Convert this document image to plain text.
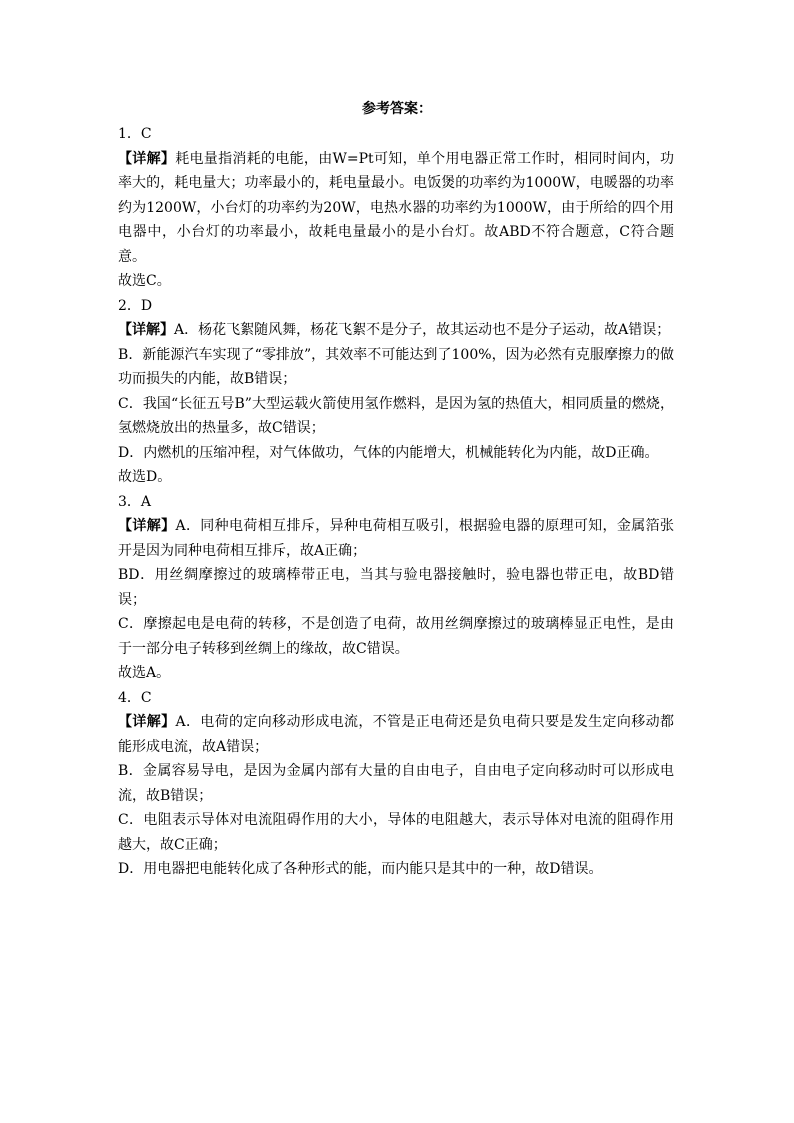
参考答案：

1．C

【详解】耗电量指消耗的电能，由W=Pt可知，单个用电器正常工作时，相同时间内，功率大的，耗电量大；功率最小的，耗电量最小。电饭煲的功率约为1000W，电暖器的功率约为1200W，小台灯的功率约为20W，电热水器的功率约为1000W，由于所给的四个用电器中，小台灯的功率最小，故耗电量最小的是小台灯。故ABD不符合题意，C符合题意。

故选C。

2．D

【详解】A．杨花飞絮随风舞，杨花飞絮不是分子，故其运动也不是分子运动，故A错误；

B．新能源汽车实现了“零排放”，其效率不可能达到了100%，因为必然有克服摩擦力的做功而损失的内能，故B错误；

C．我国“长征五号B”大型运载火箭使用氢作燃料，是因为氢的热值大，相同质量的燃烧，氢燃烧放出的热量多，故C错误；

D．内燃机的压缩冲程，对气体做功，气体的内能增大，机械能转化为内能，故D正确。

故选D。

3．A

【详解】A．同种电荷相互排斥，异种电荷相互吸引，根据验电器的原理可知，金属箔张开是因为同种电荷相互排斥，故A正确；

BD．用丝绸摩擦过的玻璃棒带正电，当其与验电器接触时，验电器也带正电，故BD错误；

C．摩擦起电是电荷的转移，不是创造了电荷，故用丝绸摩擦过的玻璃棒显正电性，是由于一部分电子转移到丝绸上的缘故，故C错误。

故选A。

4．C

【详解】A．电荷的定向移动形成电流，不管是正电荷还是负电荷只要是发生定向移动都能形成电流，故A错误；

B．金属容易导电，是因为金属内部有大量的自由电子，自由电子定向移动时可以形成电流，故B错误；

C．电阻表示导体对电流阻碍作用的大小，导体的电阻越大，表示导体对电流的阻碍作用越大，故C正确；

D．用电器把电能转化成了各种形式的能，而内能只是其中的一种，故D错误。
